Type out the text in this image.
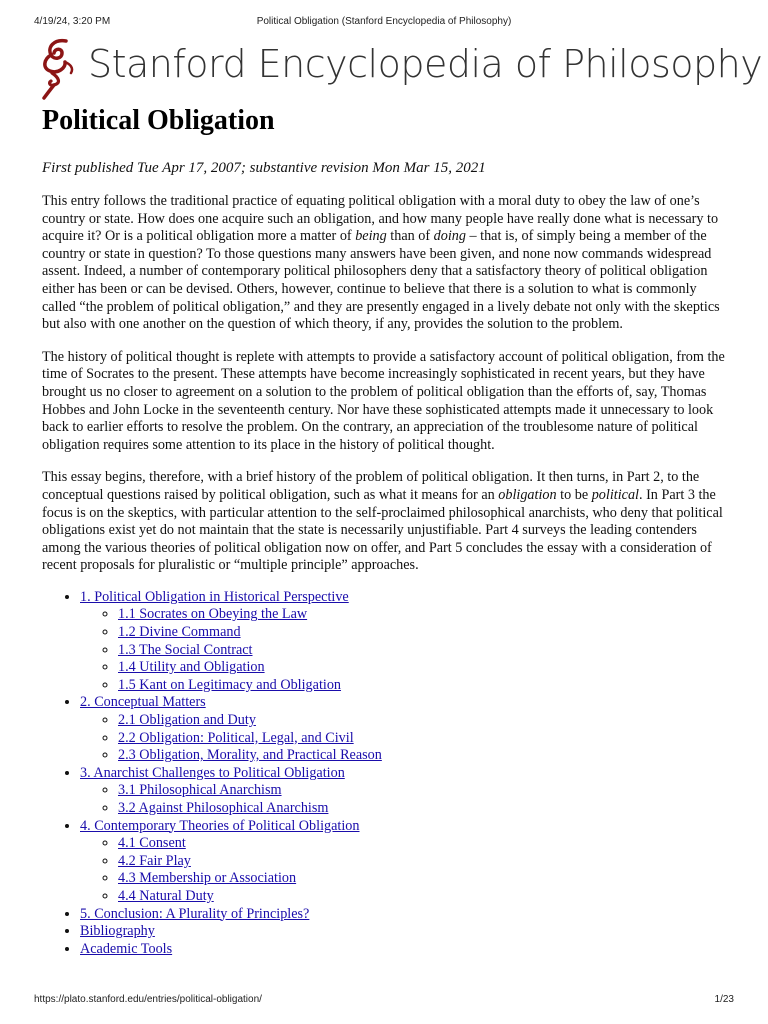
4/19/24, 3:20 PM	Political Obligation (Stanford Encyclopedia of Philosophy)
Stanford Encyclopedia of Philosophy
Political Obligation
First published Tue Apr 17, 2007; substantive revision Mon Mar 15, 2021

This entry follows the traditional practice of equating political obligation with a moral duty to obey the law of one’s country or state. How does one acquire such an obligation, and how many people have really done what is necessary to acquire it? Or is a political obligation more a matter of being than of doing – that is, of simply being a member of the country or state in question? To those questions many answers have been given, and none now commands widespread assent. Indeed, a number of contemporary political philosophers deny that a satisfactory theory of political obligation either has been or can be devised. Others, however, continue to believe that there is a solution to what is commonly called “the problem of political obligation,” and they are presently engaged in a lively debate not only with the skeptics but also with one another on the question of which theory, if any, provides the solution to the problem.

The history of political thought is replete with attempts to provide a satisfactory account of political obligation, from the time of Socrates to the present. These attempts have become increasingly sophisticated in recent years, but they have brought us no closer to agreement on a solution to the problem of political obligation than the efforts of, say, Thomas Hobbes and John Locke in the seventeenth century. Nor have these sophisticated attempts made it unnecessary to look back to earlier efforts to resolve the problem. On the contrary, an appreciation of the troublesome nature of political obligation requires some attention to its place in the history of political thought.

This essay begins, therefore, with a brief history of the problem of political obligation. It then turns, in Part 2, to the conceptual questions raised by political obligation, such as what it means for an obligation to be political. In Part 3 the focus is on the skeptics, with particular attention to the self-proclaimed philosophical anarchists, who deny that political obligations exist yet do not maintain that the state is necessarily unjustifiable. Part 4 surveys the leading contenders among the various theories of political obligation now on offer, and Part 5 concludes the essay with a consideration of recent proposals for pluralistic or “multiple principle” approaches.

• 1. Political Obligation in Historical Perspective
◦ 1.1 Socrates on Obeying the Law
◦ 1.2 Divine Command
◦ 1.3 The Social Contract
◦ 1.4 Utility and Obligation
◦ 1.5 Kant on Legitimacy and Obligation
• 2. Conceptual Matters
◦ 2.1 Obligation and Duty
◦ 2.2 Obligation: Political, Legal, and Civil
◦ 2.3 Obligation, Morality, and Practical Reason
• 3. Anarchist Challenges to Political Obligation
◦ 3.1 Philosophical Anarchism
◦ 3.2 Against Philosophical Anarchism
• 4. Contemporary Theories of Political Obligation
◦ 4.1 Consent
◦ 4.2 Fair Play
◦ 4.3 Membership or Association
◦ 4.4 Natural Duty
• 5. Conclusion: A Plurality of Principles?
• Bibliography
• Academic Tools
https://plato.stanford.edu/entries/political-obligation/	1/23
